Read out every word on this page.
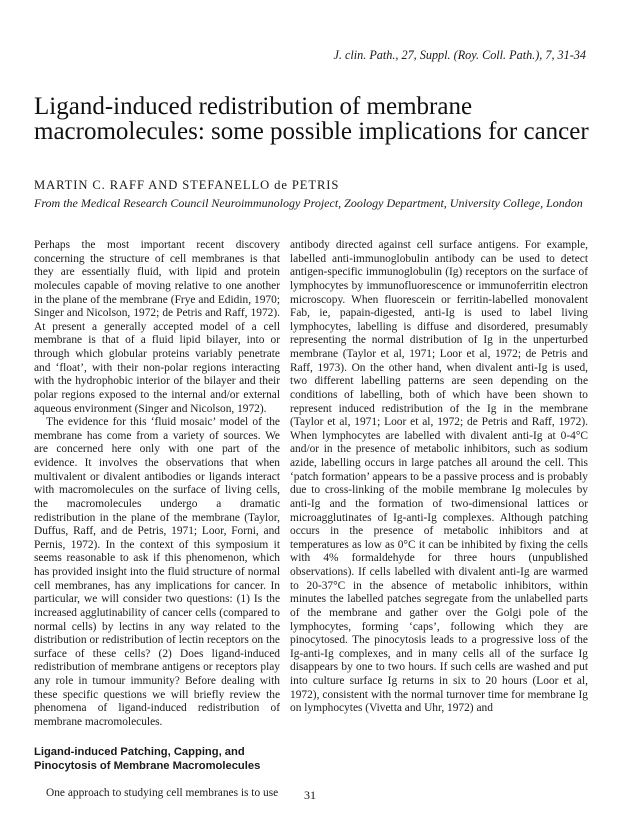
J. clin. Path., 27, Suppl. (Roy. Coll. Path.), 7, 31-34
Ligand-induced redistribution of membrane macromolecules: some possible implications for cancer
MARTIN C. RAFF AND STEFANELLO de PETRIS
From the Medical Research Council Neuroimmunology Project, Zoology Department, University College, London

Perhaps the most important recent discovery concerning the structure of cell membranes is that they are essentially fluid, with lipid and protein molecules capable of moving relative to one another in the plane of the membrane (Frye and Edidin, 1970; Singer and Nicolson, 1972; de Petris and Raff, 1972). At present a generally accepted model of a cell membrane is that of a fluid lipid bilayer, into or through which globular proteins variably penetrate and ‘float’, with their non-polar regions interacting with the hydrophobic interior of the bilayer and their polar regions exposed to the internal and/or external aqueous environment (Singer and Nicolson, 1972).

The evidence for this ‘fluid mosaic’ model of the membrane has come from a variety of sources. We are concerned here only with one part of the evidence. It involves the observations that when multivalent or divalent antibodies or ligands interact with macromolecules on the surface of living cells, the macromolecules undergo a dramatic redistribution in the plane of the membrane (Taylor, Duffus, Raff, and de Petris, 1971; Loor, Forni, and Pernis, 1972). In the context of this symposium it seems reasonable to ask if this phenomenon, which has provided insight into the fluid structure of normal cell membranes, has any implications for cancer. In particular, we will consider two questions: (1) Is the increased agglutinability of cancer cells (compared to normal cells) by lectins in any way related to the distribution or redistribution of lectin receptors on the surface of these cells? (2) Does ligand-induced redistribution of membrane antigens or receptors play any role in tumour immunity? Before dealing with these specific questions we will briefly review the phenomena of ligand-induced redistribution of membrane macromolecules.

Ligand-induced Patching, Capping, and Pinocytosis of Membrane Macromolecules

One approach to studying cell membranes is to use

antibody directed against cell surface antigens. For example, labelled anti-immunoglobulin antibody can be used to detect antigen-specific immunoglobulin (Ig) receptors on the surface of lymphocytes by immunofluorescence or immunoferritin electron microscopy. When fluorescein or ferritin-labelled monovalent Fab, ie, papain-digested, anti-Ig is used to label living lymphocytes, labelling is diffuse and disordered, presumably representing the normal distribution of Ig in the unperturbed membrane (Taylor et al, 1971; Loor et al, 1972; de Petris and Raff, 1973). On the other hand, when divalent anti-Ig is used, two different labelling patterns are seen depending on the conditions of labelling, both of which have been shown to represent induced redistribution of the Ig in the membrane (Taylor et al, 1971; Loor et al, 1972; de Petris and Raff, 1972). When lymphocytes are labelled with divalent anti-Ig at 0-4°C and/or in the presence of metabolic inhibitors, such as sodium azide, labelling occurs in large patches all around the cell. This ‘patch formation’ appears to be a passive process and is probably due to cross-linking of the mobile membrane Ig molecules by anti-Ig and the formation of two-dimensional lattices or microagglutinates of Ig-anti-Ig complexes. Although patching occurs in the presence of metabolic inhibitors and at temperatures as low as 0°C it can be inhibited by fixing the cells with 4% formaldehyde for three hours (unpublished observations). If cells labelled with divalent anti-Ig are warmed to 20-37°C in the absence of metabolic inhibitors, within minutes the labelled patches segregate from the unlabelled parts of the membrane and gather over the Golgi pole of the lymphocytes, forming ‘caps’, following which they are pinocytosed. The pinocytosis leads to a progressive loss of the Ig-anti-Ig complexes, and in many cells all of the surface Ig disappears by one to two hours. If such cells are washed and put into culture surface Ig returns in six to 20 hours (Loor et al, 1972), consistent with the normal turnover time for membrane Ig on lymphocytes (Vivetta and Uhr, 1972) and

31
